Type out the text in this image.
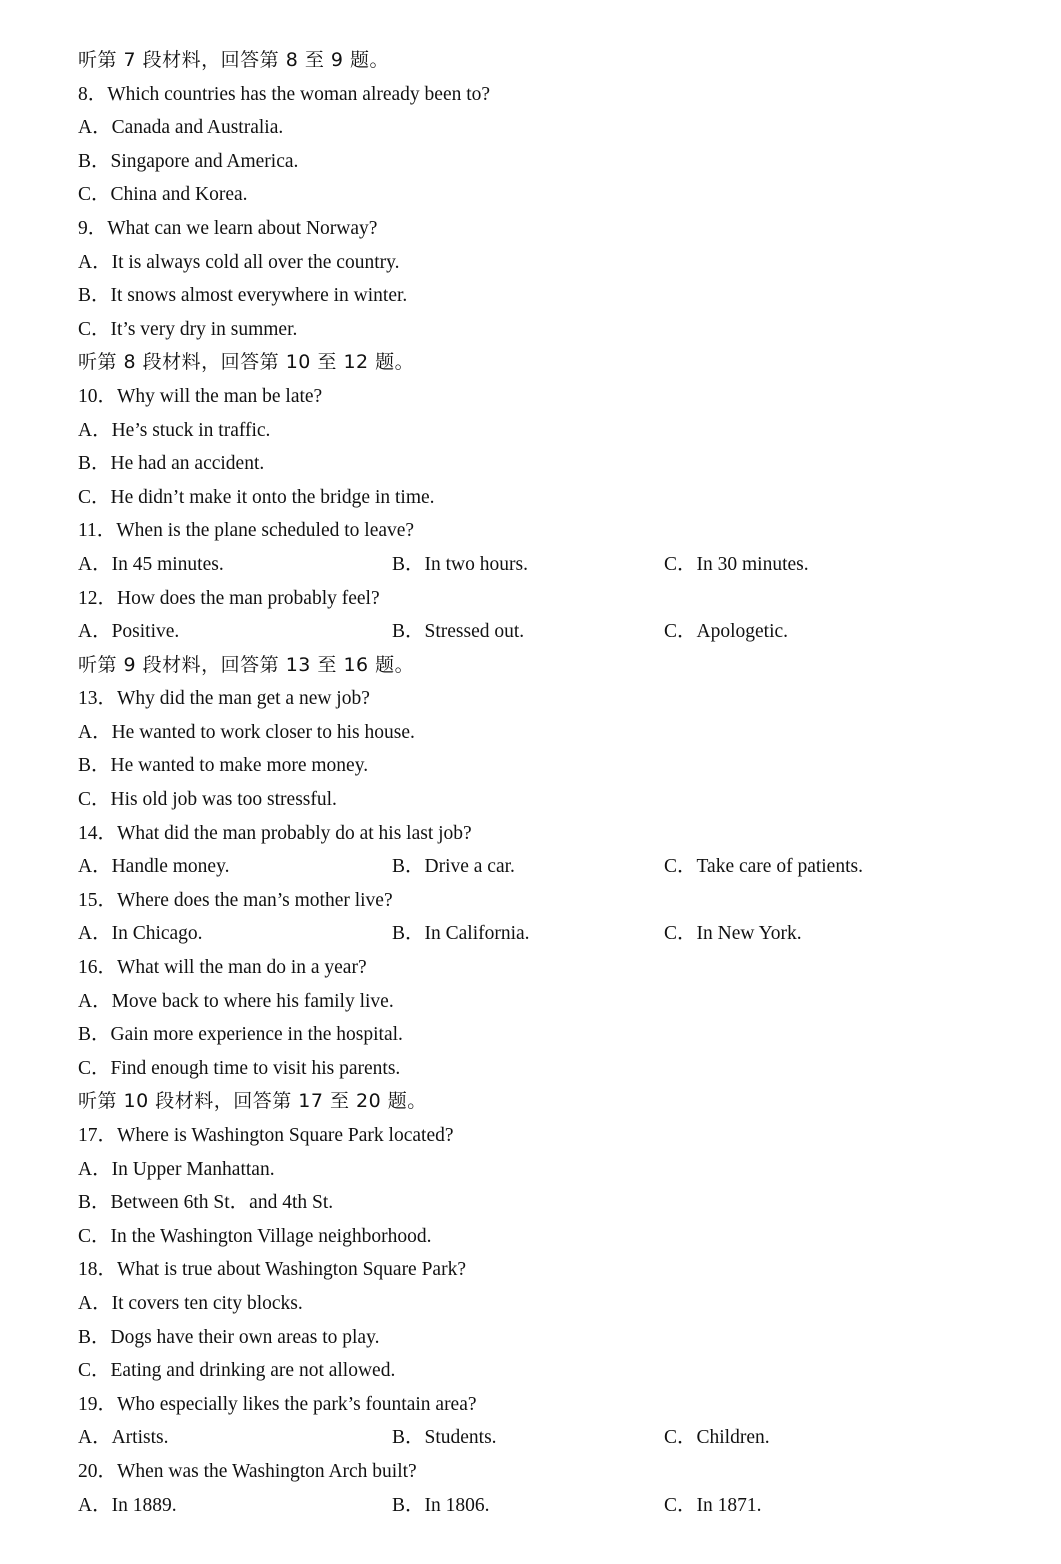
听第 7 段材料，回答第 8 至 9 题。
8．Which countries has the woman already been to?
A．Canada and Australia.
B．Singapore and America.
C．China and Korea.
9．What can we learn about Norway?
A．It is always cold all over the country.
B．It snows almost everywhere in winter.
C．It’s very dry in summer.
听第 8 段材料，回答第 10 至 12 题。
10．Why will the man be late?
A．He’s stuck in traffic.
B．He had an accident.
C．He didn’t make it onto the bridge in time.
11．When is the plane scheduled to leave?
A．In 45 minutes.	B．In two hours.	C．In 30 minutes.
12．How does the man probably feel?
A．Positive.	B．Stressed out.	C．Apologetic.
听第 9 段材料，回答第 13 至 16 题。
13．Why did the man get a new job?
A．He wanted to work closer to his house.
B．He wanted to make more money.
C．His old job was too stressful.
14．What did the man probably do at his last job?
A．Handle money.	B．Drive a car.	C．Take care of patients.
15．Where does the man’s mother live?
A．In Chicago.	B．In California.	C．In New York.
16．What will the man do in a year?
A．Move back to where his family live.
B．Gain more experience in the hospital.
C．Find enough time to visit his parents.
听第 10 段材料，回答第 17 至 20 题。
17．Where is Washington Square Park located?
A．In Upper Manhattan.
B．Between 6th St．and 4th St.
C．In the Washington Village neighborhood.
18．What is true about Washington Square Park?
A．It covers ten city blocks.
B．Dogs have their own areas to play.
C．Eating and drinking are not allowed.
19．Who especially likes the park’s fountain area?
A．Artists.	B．Students.	C．Children.
20．When was the Washington Arch built?
A．In 1889.	B．In 1806.	C．In 1871.
